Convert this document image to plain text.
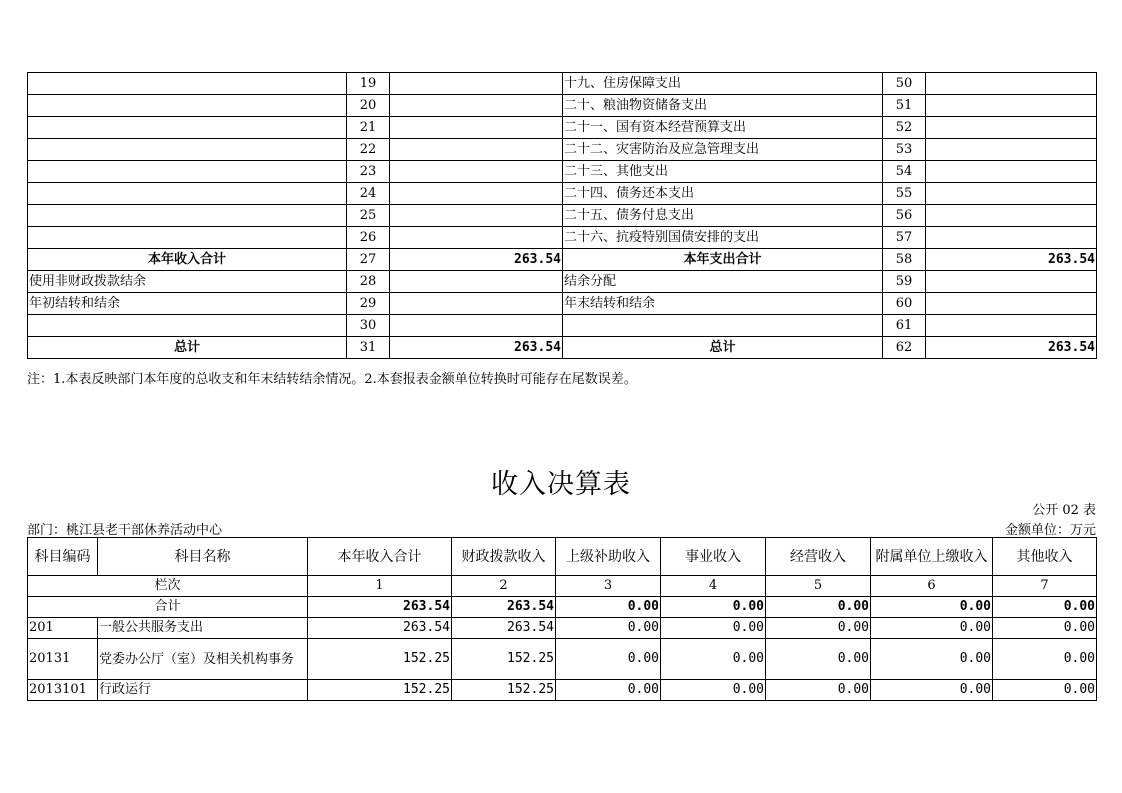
	19		十九、住房保障支出	50	
	20		二十、粮油物资储备支出	51	
	21		二十一、国有资本经营预算支出	52	
	22		二十二、灾害防治及应急管理支出	53	
	23		二十三、其他支出	54	
	24		二十四、债务还本支出	55	
	25		二十五、债务付息支出	56	
	26		二十六、抗疫特别国债安排的支出	57	
本年收入合计	27	263.54	本年支出合计	58	263.54
使用非财政拨款结余	28		结余分配	59	
年初结转和结余	29		年末结转和结余	60	
	30			61	
总计	31	263.54	总计	62	263.54
注：1.本表反映部门本年度的总收支和年末结转结余情况。2.本套报表金额单位转换时可能存在尾数误差。
收入决算表
公开 02 表
部门：桃江县老干部休养活动中心	金额单位：万元
科目编码	科目名称	本年收入合计	财政拨款收入	上级补助收入	事业收入	经营收入	附属单位上缴收入	其他收入
栏次		1	2	3	4	5	6	7
合计		263.54	263.54	0.00	0.00	0.00	0.00	0.00
201	一般公共服务支出	263.54	263.54	0.00	0.00	0.00	0.00	0.00
20131	党委办公厅（室）及相关机构事务	152.25	152.25	0.00	0.00	0.00	0.00	0.00
2013101	行政运行	152.25	152.25	0.00	0.00	0.00	0.00	0.00
